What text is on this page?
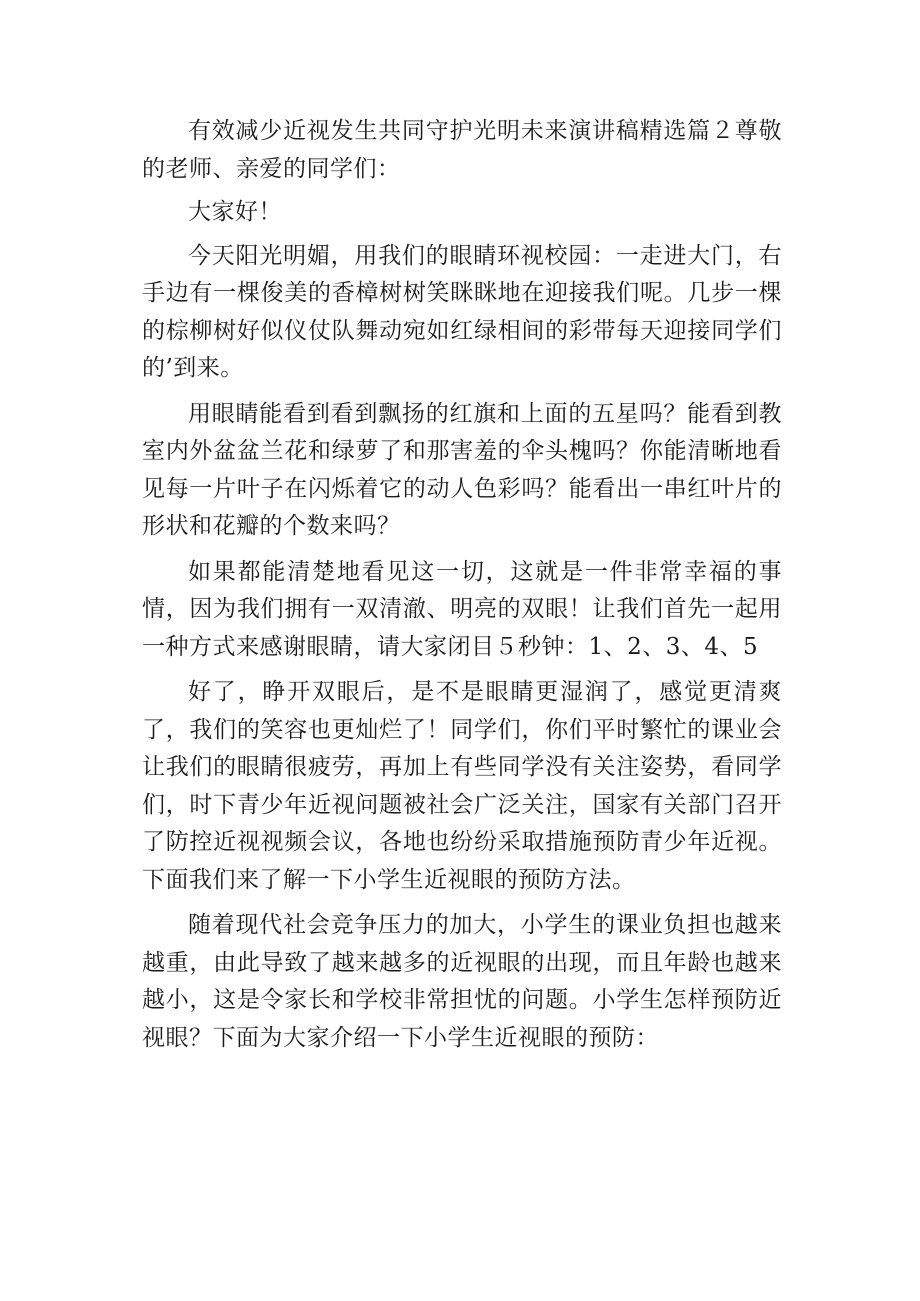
有效减少近视发生共同守护光明未来演讲稿精选篇２尊敬的老师、亲爱的同学们：

大家好！

今天阳光明媚，用我们的眼睛环视校园：一走进大门，右手边有一棵俊美的香樟树树笑眯眯地在迎接我们呢。几步一棵的棕柳树好似仪仗队舞动宛如红绿相间的彩带每天迎接同学们的’到来。

用眼睛能看到看到飘扬的红旗和上面的五星吗？能看到教室内外盆盆兰花和绿萝了和那害羞的伞头槐吗？你能清晰地看见每一片叶子在闪烁着它的动人色彩吗？能看出一串红叶片的形状和花瓣的个数来吗？

如果都能清楚地看见这一切，这就是一件非常幸福的事情，因为我们拥有一双清澈、明亮的双眼！让我们首先一起用一种方式来感谢眼睛，请大家闭目５秒钟：1、2、3、4、5

好了，睁开双眼后，是不是眼睛更湿润了，感觉更清爽了，我们的笑容也更灿烂了！同学们，你们平时繁忙的课业会让我们的眼睛很疲劳，再加上有些同学没有关注姿势，看同学们，时下青少年近视问题被社会广泛关注，国家有关部门召开了防控近视视频会议，各地也纷纷采取措施预防青少年近视。下面我们来了解一下小学生近视眼的预防方法。

随着现代社会竞争压力的加大，小学生的课业负担也越来越重，由此导致了越来越多的近视眼的出现，而且年龄也越来越小，这是令家长和学校非常担忧的问题。小学生怎样预防近视眼？下面为大家介绍一下小学生近视眼的预防：
